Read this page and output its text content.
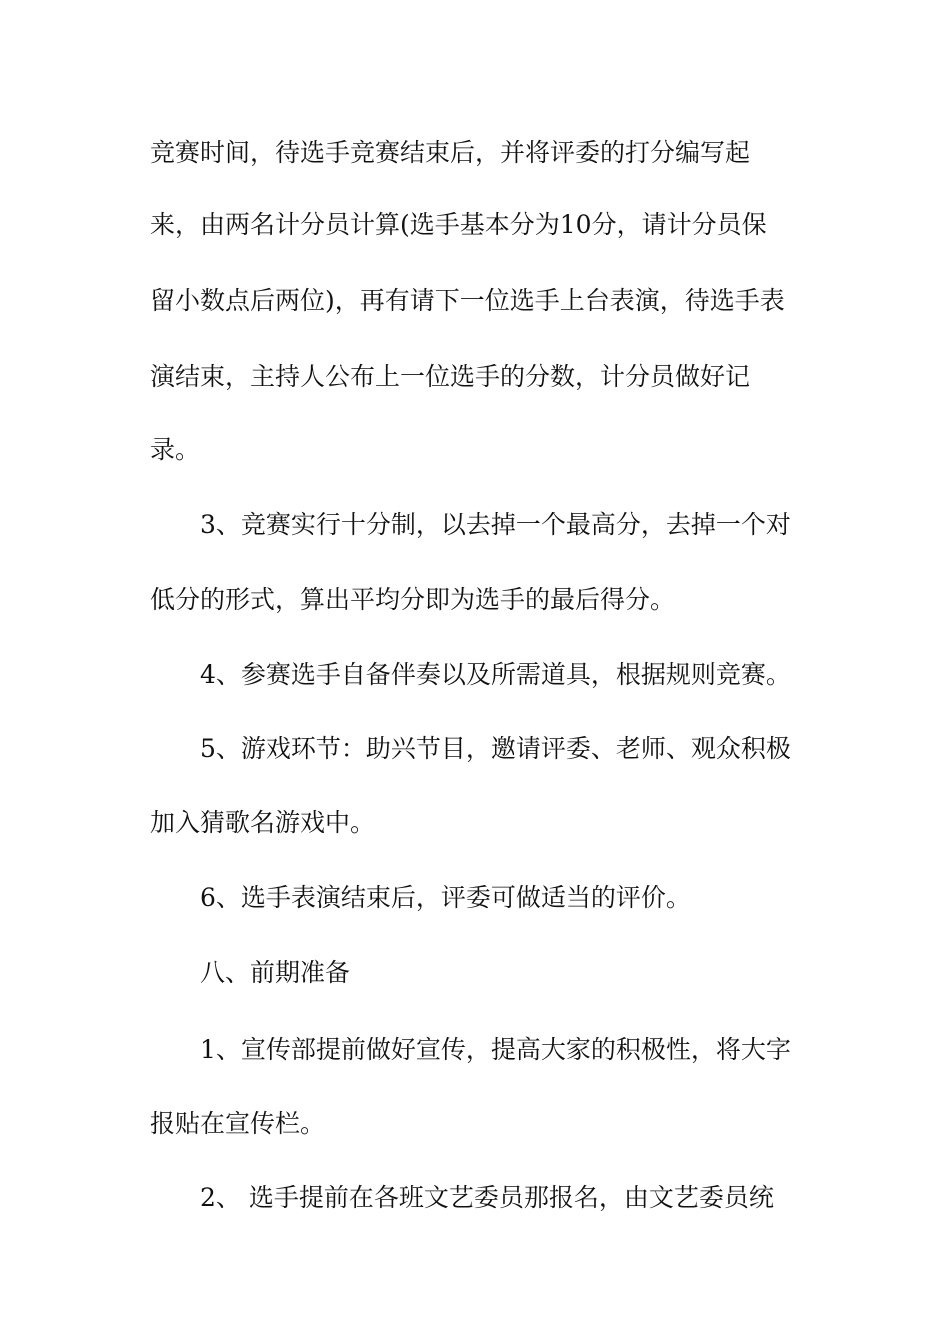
竞赛时间，待选手竞赛结束后，并将评委的打分编写起
来，由两名计分员计算(选手基本分为10分，请计分员保
留小数点后两位)，再有请下一位选手上台表演，待选手表
演结束，主持人公布上一位选手的分数，计分员做好记
录。
3、竞赛实行十分制，以去掉一个最高分，去掉一个对
低分的形式，算出平均分即为选手的最后得分。
4、参赛选手自备伴奏以及所需道具，根据规则竞赛。
5、游戏环节：助兴节目，邀请评委、老师、观众积极
加入猜歌名游戏中。
6、选手表演结束后，评委可做适当的评价。
八、前期准备
1、宣传部提前做好宣传，提高大家的积极性，将大字
报贴在宣传栏。
2、 选手提前在各班文艺委员那报名，由文艺委员统
